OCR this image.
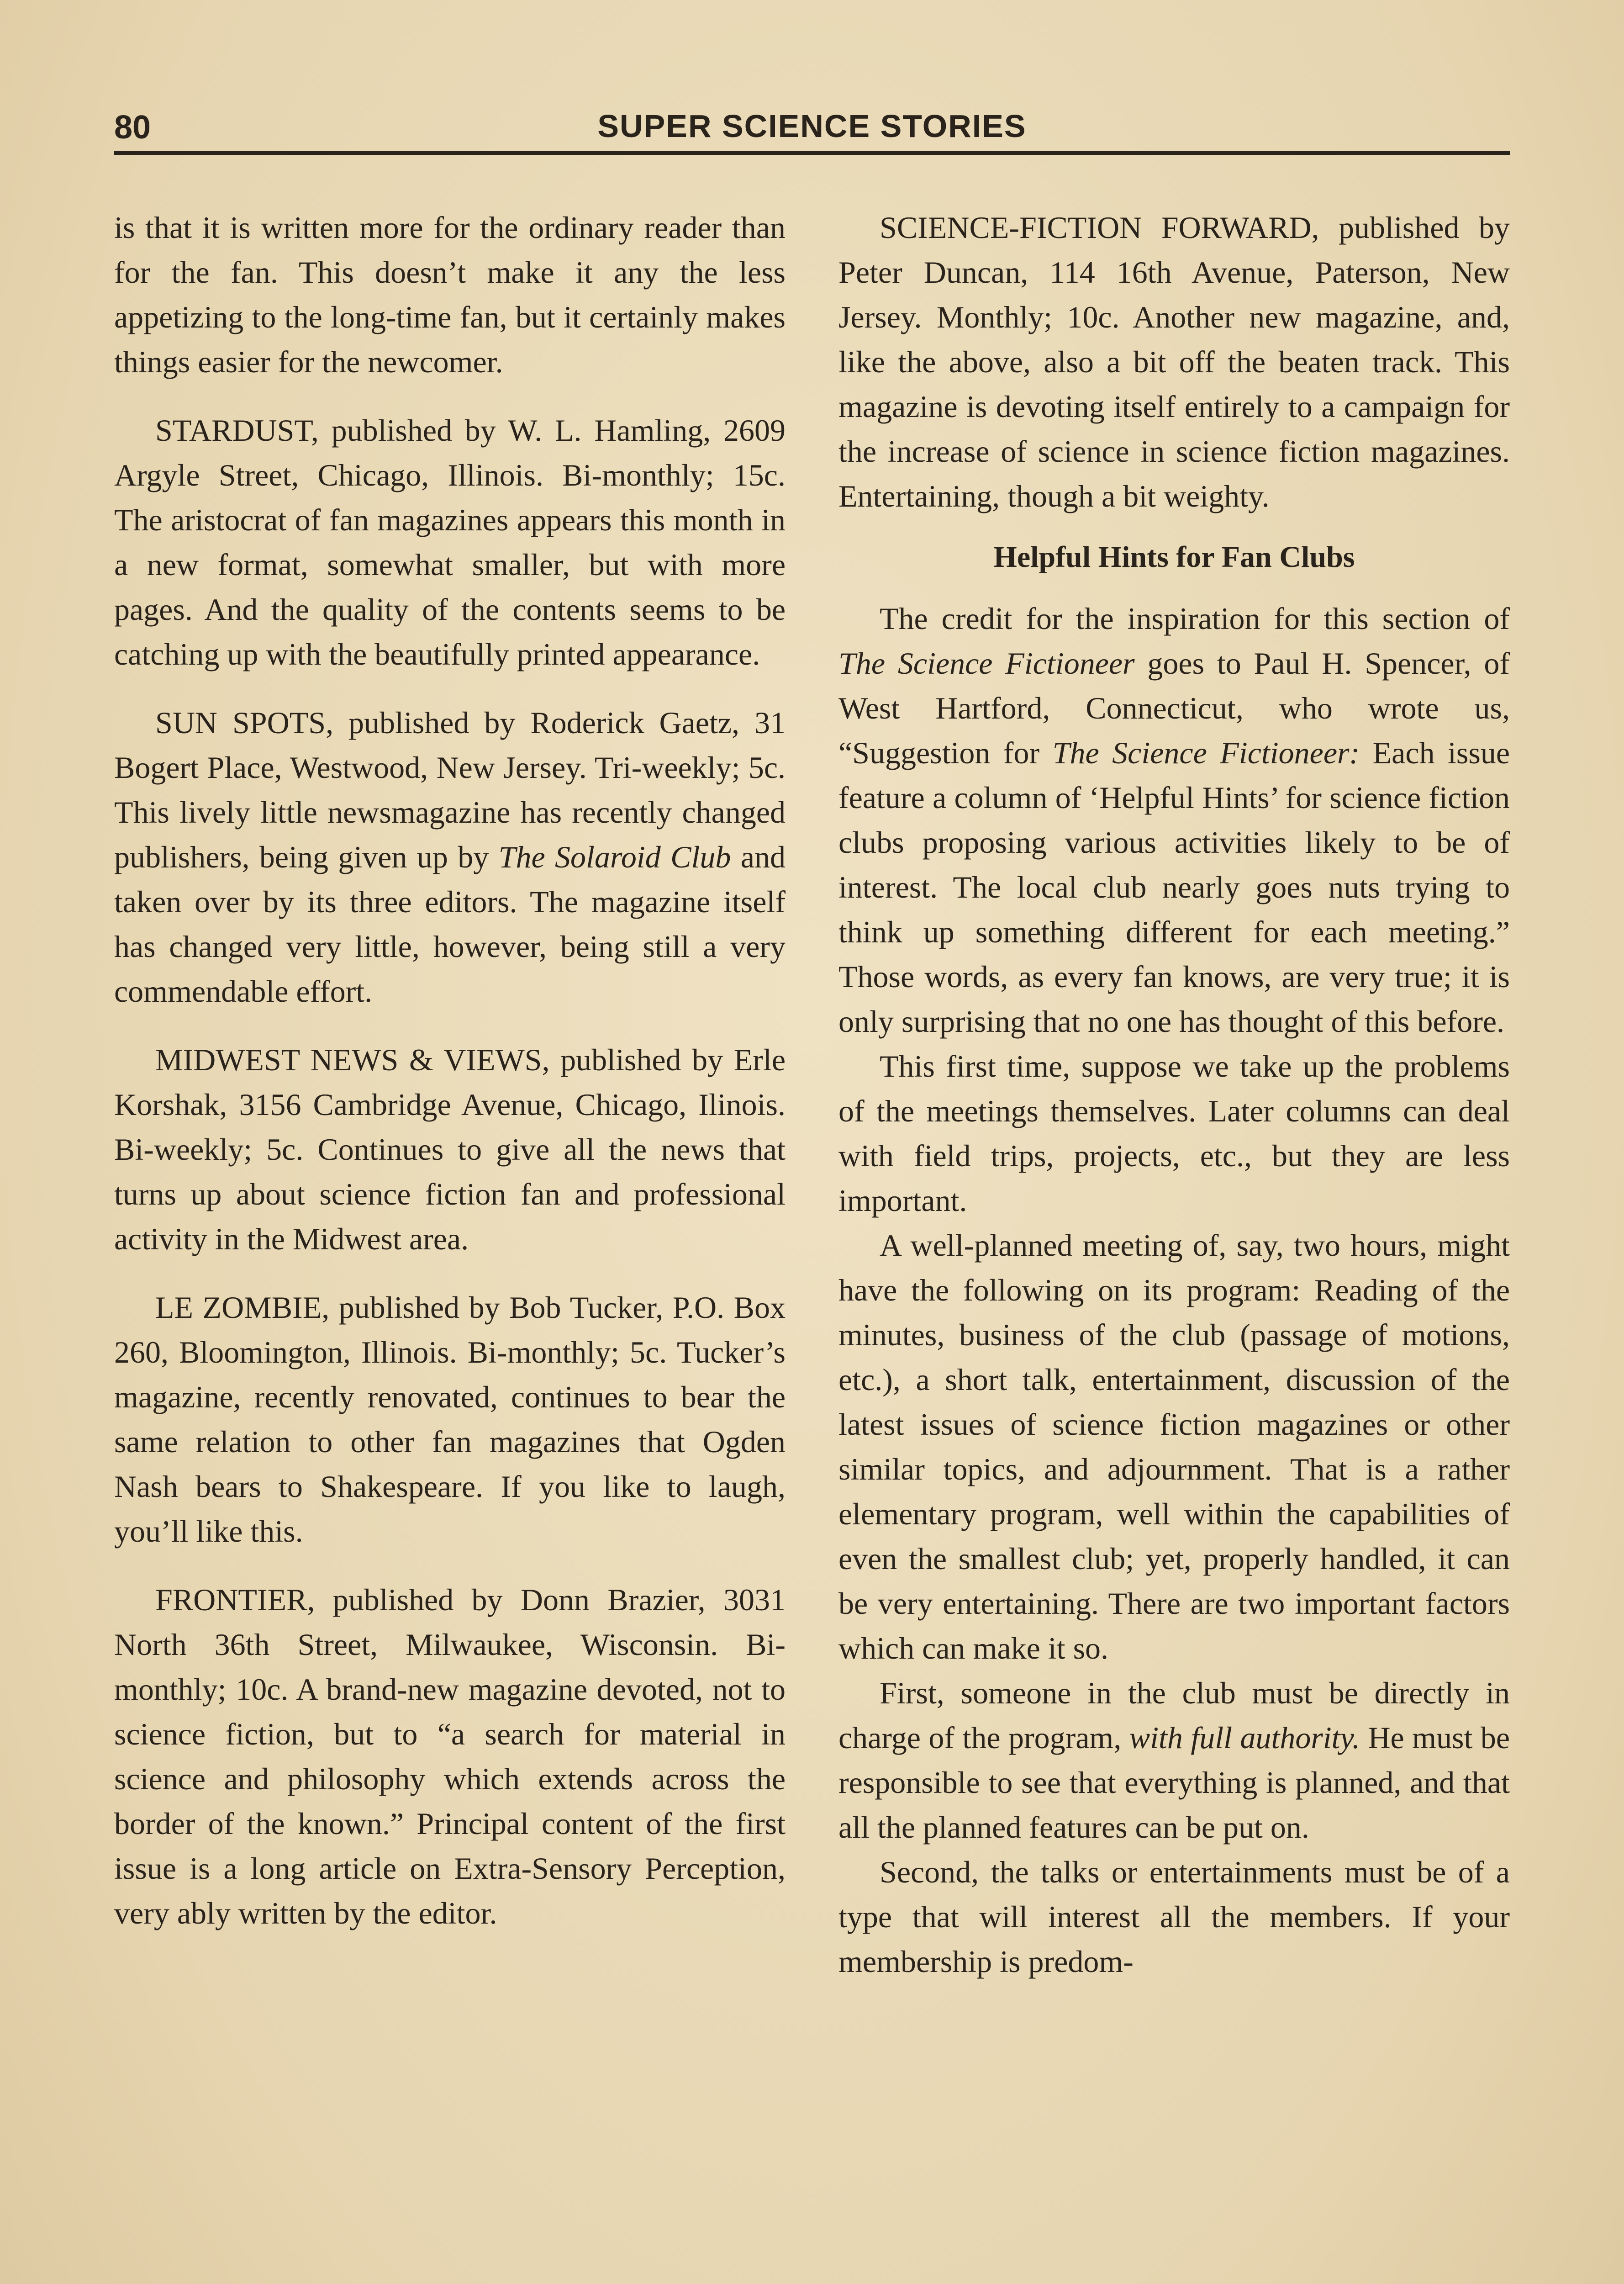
80	SUPER SCIENCE STORIES

is that it is written more for the ordinary reader than for the fan. This doesn’t make it any the less appetizing to the long-time fan, but it certainly makes things easier for the newcomer.

STARDUST, published by W. L. Hamling, 2609 Argyle Street, Chicago, Illinois. Bi-monthly; 15c. The aristocrat of fan magazines appears this month in a new format, somewhat smaller, but with more pages. And the quality of the contents seems to be catching up with the beautifully printed appearance.

SUN SPOTS, published by Roderick Gaetz, 31 Bogert Place, Westwood, New Jersey. Tri-weekly; 5c. This lively little newsmagazine has recently changed publishers, being given up by The Solaroid Club and taken over by its three editors. The magazine itself has changed very little, however, being still a very commendable effort.

MIDWEST NEWS & VIEWS, published by Erle Korshak, 3156 Cambridge Avenue, Chicago, Ilinois. Bi-weekly; 5c. Continues to give all the news that turns up about science fiction fan and professional activity in the Midwest area.

LE ZOMBIE, published by Bob Tucker, P.O. Box 260, Bloomington, Illinois. Bi-monthly; 5c. Tucker’s magazine, recently renovated, continues to bear the same relation to other fan magazines that Ogden Nash bears to Shakespeare. If you like to laugh, you’ll like this.

FRONTIER, published by Donn Brazier, 3031 North 36th Street, Milwaukee, Wisconsin. Bi-monthly; 10c. A brand-new magazine devoted, not to science fiction, but to “a search for material in science and philosophy which extends across the border of the known.” Principal content of the first issue is a long article on Extra-Sensory Perception, very ably written by the editor.

SCIENCE-FICTION FORWARD, published by Peter Duncan, 114 16th Avenue, Paterson, New Jersey. Monthly; 10c. Another new magazine, and, like the above, also a bit off the beaten track. This magazine is devoting itself entirely to a campaign for the increase of science in science fiction magazines. Entertaining, though a bit weighty.

Helpful Hints for Fan Clubs

The credit for the inspiration for this section of The Science Fictioneer goes to Paul H. Spencer, of West Hartford, Connecticut, who wrote us, “Suggestion for The Science Fictioneer: Each issue feature a column of ‘Helpful Hints’ for science fiction clubs proposing various activities likely to be of interest. The local club nearly goes nuts trying to think up something different for each meeting.” Those words, as every fan knows, are very true; it is only surprising that no one has thought of this before.

This first time, suppose we take up the problems of the meetings themselves. Later columns can deal with field trips, projects, etc., but they are less important.

A well-planned meeting of, say, two hours, might have the following on its program: Reading of the minutes, business of the club (passage of motions, etc.), a short talk, entertainment, discussion of the latest issues of science fiction magazines or other similar topics, and adjournment. That is a rather elementary program, well within the capabilities of even the smallest club; yet, properly handled, it can be very entertaining. There are two important factors which can make it so.

First, someone in the club must be directly in charge of the program, with full authority. He must be responsible to see that everything is planned, and that all the planned features can be put on.

Second, the talks or entertainments must be of a type that will interest all the members. If your membership is predom-
